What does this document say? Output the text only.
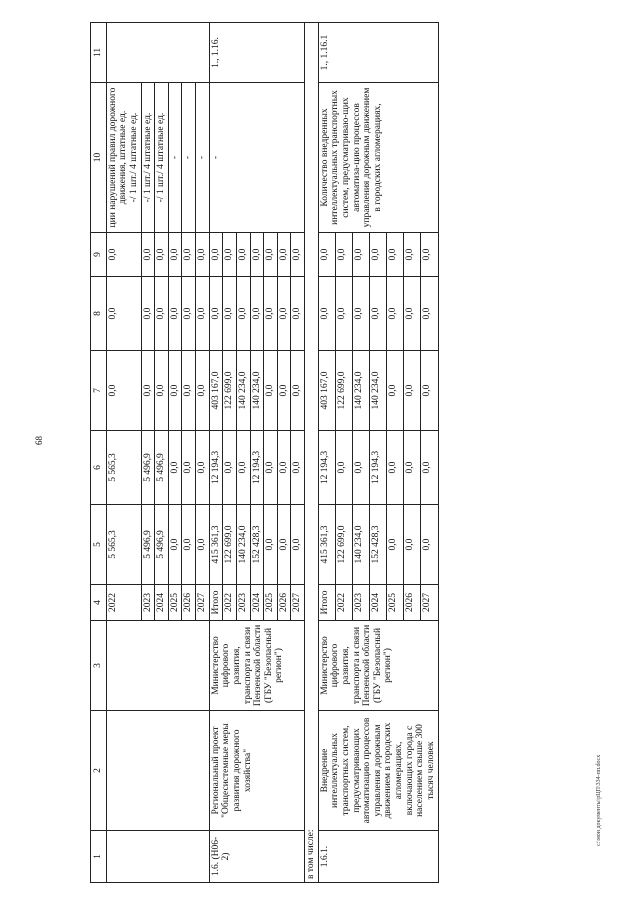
68
c:\мои документы\рЦП\334-пп.docx
1	2	3	4	5	6	7	8	9	10	11
			2022	5 565,3	5 565,3	0,0	0,0	0,0	ции нарушений правил дорожного движения, штатные ед.
-/ 1 шт./ 4 штатные ед.	
			2023	5 496,9	5 496,9	0,0	0,0	0,0	-/ 1 шт./ 4 штатные ед.	
			2024	5 496,9	5 496,9	0,0	0,0	0,0	-/ 1 шт./ 4 штатные ед.	
			2025	0,0	0,0	0,0	0,0	0,0	-	
			2026	0,0	0,0	0,0	0,0	0,0	-	
			2027	0,0	0,0	0,0	0,0	0,0	-	
1.6. (Н06-2)	Региональный проект "Общесистемные меры развития дорожного хозяйства"	Министерство цифрового развития, транспорта и связи Пензенской области (ГБУ "Безопасный регион")	Итого	415 361,3	12 194,3	403 167,0	0,0	0,0	-	1., 1.16.
			2022	122 699,0	0,0	122 699,0	0,0	0,0		
			2023	140 234,0	0,0	140 234,0	0,0	0,0		
			2024	152 428,3	12 194,3	140 234,0	0,0	0,0		
			2025	0,0	0,0	0,0	0,0	0,0		
			2026	0,0	0,0	0,0	0,0	0,0		
			2027	0,0	0,0	0,0	0,0	0,0		
в том числе:										
1.6.1.	Внедрение интеллектуальных транспортных систем, предусматривающих автоматизацию процессов управления дорожным движением в городских агломерациях, включающих города с населением свыше 300 тысяч человек	Министерство цифрового развития, транспорта и связи Пензенской области (ГБУ "Безопасный регион")	Итого	415 361,3	12 194,3	403 167,0	0,0	0,0	Количество внедренных интеллектуальных транспортных систем, предусматриваю-щих автоматиза-цию процессов управления дорожным движением в городских агломерациях,	1., 1.16.1
			2022	122 699,0	0,0	122 699,0	0,0	0,0		
			2023	140 234,0	0,0	140 234,0	0,0	0,0		
			2024	152 428,3	12 194,3	140 234,0	0,0	0,0		
			2025	0,0	0,0	0,0	0,0	0,0		
			2026	0,0	0,0	0,0	0,0	0,0		
			2027	0,0	0,0	0,0	0,0	0,0		
